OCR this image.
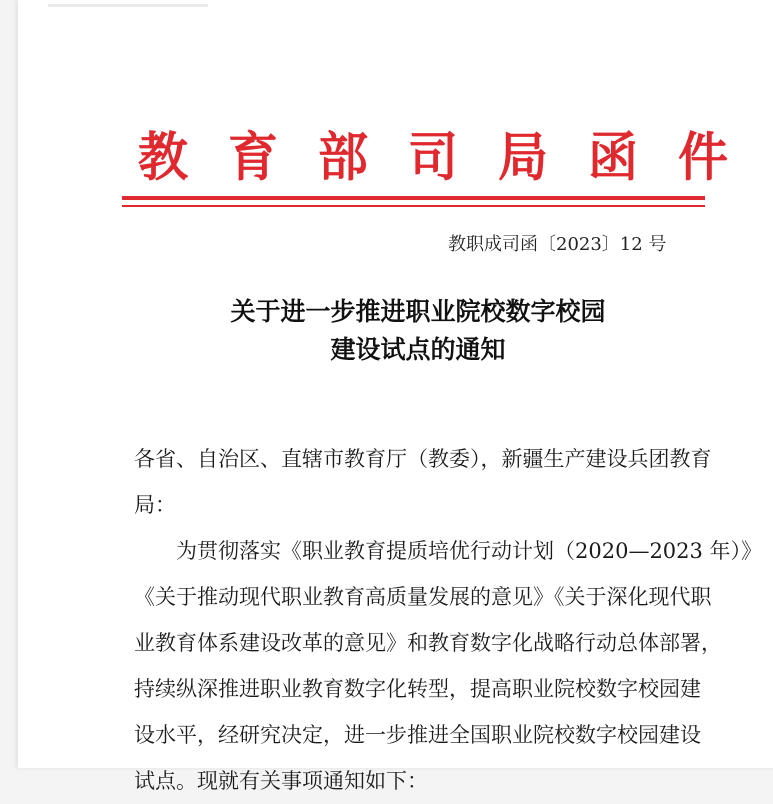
教 育 部 司 局 函 件
教职成司函〔2023〕12 号
关于进一步推进职业院校数字校园
建设试点的通知
各省、自治区、直辖市教育厅（教委），新疆生产建设兵团教育
局：
为贯彻落实《职业教育提质培优行动计划（2020—2023 年）》
《关于推动现代职业教育高质量发展的意见》《关于深化现代职
业教育体系建设改革的意见》和教育数字化战略行动总体部署，
持续纵深推进职业教育数字化转型，提高职业院校数字校园建
设水平，经研究决定，进一步推进全国职业院校数字校园建设
试点。现就有关事项通知如下：
